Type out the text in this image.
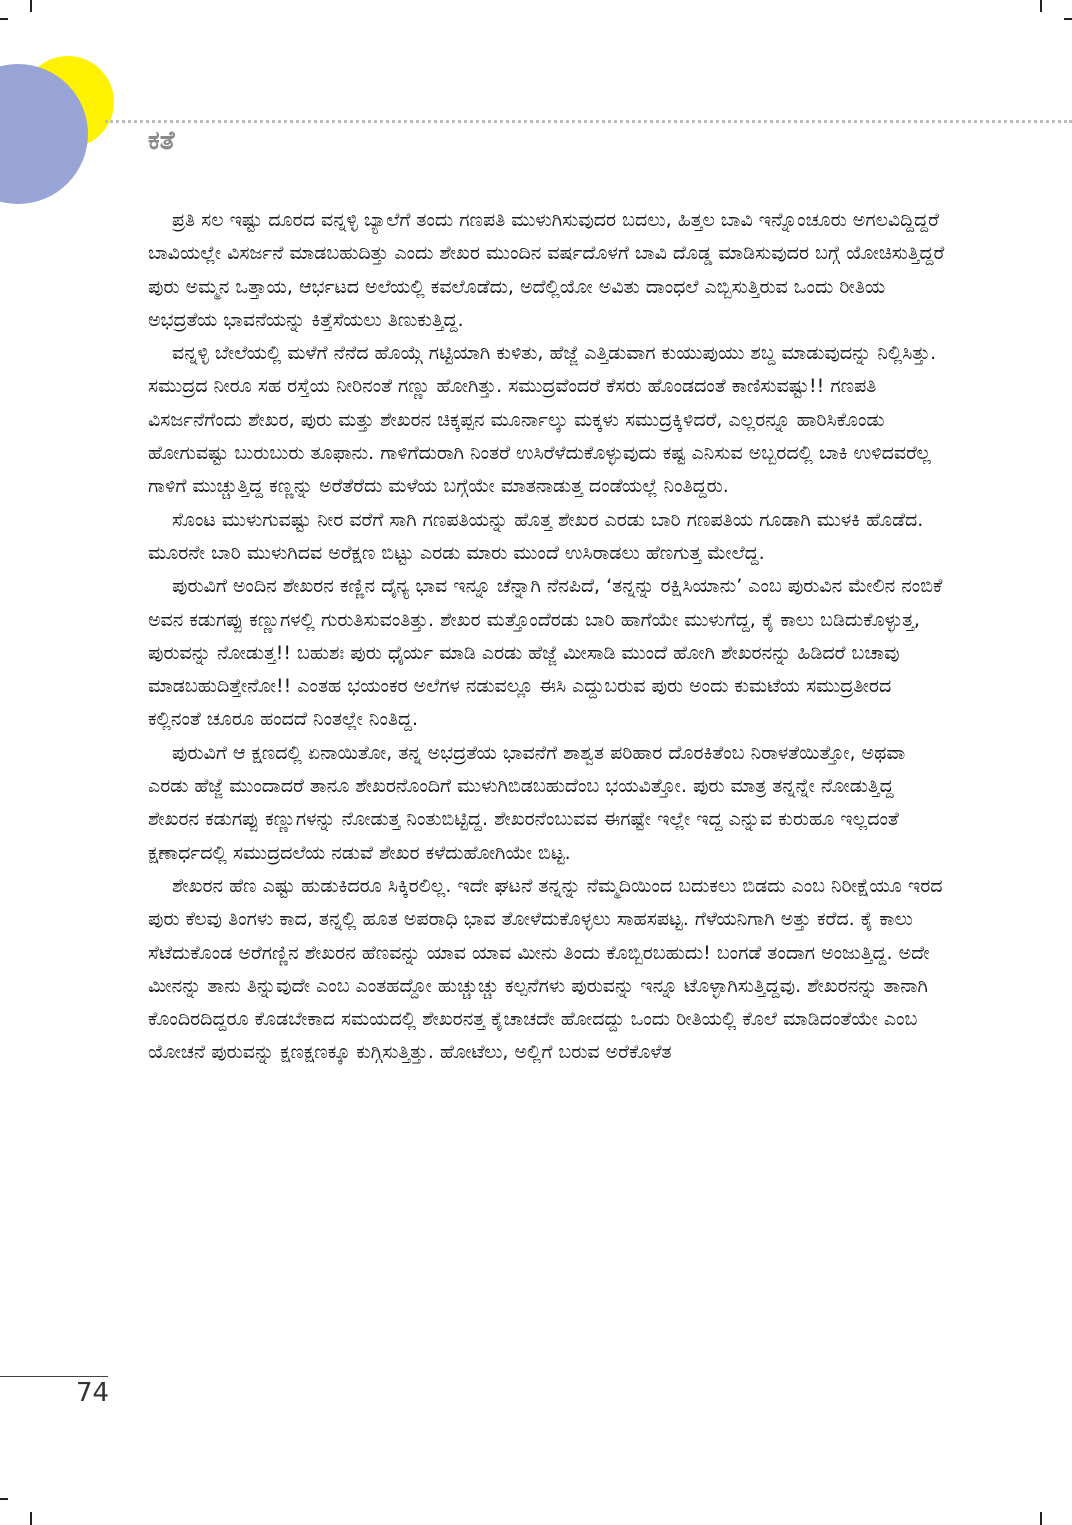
ಕತೆ

ಪ್ರತಿ ಸಲ ಇಷ್ಟು ದೂರದ ವನ್ನಳ್ಳಿ ಬ್ಯಾಲೆಗೆ ತಂದು ಗಣಪತಿ ಮುಳುಗಿಸುವುದರ ಬದಲು, ಹಿತ್ತಲ ಬಾವಿ ಇನ್ನೊಂಚೂರು ಅಗಲವಿದ್ದಿದ್ದರೆ ಬಾವಿಯಲ್ಲೇ ವಿಸರ್ಜನೆ ಮಾಡಬಹುದಿತ್ತು ಎಂದು ಶೇಖರ ಮುಂದಿನ ವರ್ಷದೊಳಗೆ ಬಾವಿ ದೊಡ್ಡ ಮಾಡಿಸುವುದರ ಬಗ್ಗೆ ಯೋಚಿಸುತ್ತಿದ್ದರೆ ಪುರು ಅಮ್ಮನ ಒತ್ತಾಯ, ಆರ್ಭಟದ ಅಲೆಯಲ್ಲಿ ಕವಲೊಡೆದು, ಅದೆಲ್ಲಿಯೋ ಅವಿತು ದಾಂಧಲೆ ಎಬ್ಬಿಸುತ್ತಿರುವ ಒಂದು ರೀತಿಯ ಅಭದ್ರತೆಯ ಭಾವನೆಯನ್ನು ಕಿತ್ತೆಸೆಯಲು ತಿಣುಕುತ್ತಿದ್ದ.

ವನ್ನಳ್ಳಿ ಬೇಲೆಯಲ್ಲಿ ಮಳೆಗೆ ನೆನೆದ ಹೊಯ್ಗೆ ಗಟ್ಟಿಯಾಗಿ ಕುಳಿತು, ಹೆಜ್ಜೆ ಎತ್ತಿಡುವಾಗ ಕುಯುಪುಯು ಶಬ್ದ ಮಾಡುವುದನ್ನು ನಿಲ್ಲಿಸಿತ್ತು. ಸಮುದ್ರದ ನೀರೂ ಸಹ ರಸ್ತೆಯ ನೀರಿನಂತೆ ಗಣ್ಣು ಹೋಗಿತ್ತು. ಸಮುದ್ರವೆಂದರೆ ಕೆಸರು ಹೊಂಡದಂತೆ ಕಾಣಿಸುವಷ್ಟು!! ಗಣಪತಿ ವಿಸರ್ಜನೆಗೆಂದು ಶೇಖರ, ಪುರು ಮತ್ತು ಶೇಖರನ ಚಿಕ್ಕಪ್ಪನ ಮೂರ್ನಾಲ್ಕು ಮಕ್ಕಳು ಸಮುದ್ರಕ್ಕಿಳಿದರೆ, ಎಲ್ಲರನ್ನೂ ಹಾರಿಸಿಕೊಂಡು ಹೋಗುವಷ್ಟು ಬುರುಬುರು ತೂಫಾನು. ಗಾಳಿಗೆದುರಾಗಿ ನಿಂತರೆ ಉಸಿರೆಳೆದುಕೊಳ್ಳುವುದು ಕಷ್ಟ ಎನಿಸುವ ಅಬ್ಬರದಲ್ಲಿ ಬಾಕಿ ಉಳಿದವರೆಲ್ಲ ಗಾಳಿಗೆ ಮುಚ್ಚುತ್ತಿದ್ದ ಕಣ್ಣನ್ನು ಅರೆತೆರೆದು ಮಳೆಯ ಬಗ್ಗೆಯೇ ಮಾತನಾಡುತ್ತ ದಂಡೆಯಲ್ಲೆ ನಿಂತಿದ್ದರು.

ಸೊಂಟ ಮುಳುಗುವಷ್ಟು ನೀರ ವರೆಗೆ ಸಾಗಿ ಗಣಪತಿಯನ್ನು ಹೊತ್ತ ಶೇಖರ ಎರಡು ಬಾರಿ ಗಣಪತಿಯ ಗೂಡಾಗಿ ಮುಳಕಿ ಹೊಡೆದ. ಮೂರನೇ ಬಾರಿ ಮುಳುಗಿದವ ಅರೆಕ್ಷಣ ಬಿಟ್ಟು ಎರಡು ಮಾರು ಮುಂದೆ ಉಸಿರಾಡಲು ಹೆಣಗುತ್ತ ಮೇಲೆದ್ದ.

ಪುರುವಿಗೆ ಅಂದಿನ ಶೇಖರನ ಕಣ್ಣಿನ ದೈನ್ಯ ಭಾವ ಇನ್ನೂ ಚೆನ್ನಾಗಿ ನೆನಪಿದೆ, ‘ತನ್ನನ್ನು ರಕ್ಷಿಸಿಯಾನು’ ಎಂಬ ಪುರುವಿನ ಮೇಲಿನ ನಂಬಿಕೆ ಅವನ ಕಡುಗಪ್ಪು ಕಣ್ಣುಗಳಲ್ಲಿ ಗುರುತಿಸುವಂತಿತ್ತು. ಶೇಖರ ಮತ್ತೊಂದೆರಡು ಬಾರಿ ಹಾಗೆಯೇ ಮುಳುಗೆದ್ದ, ಕೈ ಕಾಲು ಬಡಿದುಕೊಳ್ಳುತ್ತ, ಪುರುವನ್ನು ನೋಡುತ್ತ!! ಬಹುಶಃ ಪುರು ಧೈರ್ಯ ಮಾಡಿ ಎರಡು ಹೆಜ್ಜೆ ಮೀಸಾಡಿ ಮುಂದೆ ಹೋಗಿ ಶೇಖರನನ್ನು ಹಿಡಿದರೆ ಬಚಾವು ಮಾಡಬಹುದಿತ್ತೇನೋ!! ಎಂತಹ ಭಯಂಕರ ಅಲೆಗಳ ನಡುವಲ್ಲೂ ಈಸಿ ಎದ್ದುಬರುವ ಪುರು ಅಂದು ಕುಮಟೆಯ ಸಮುದ್ರತೀರದ ಕಲ್ಲಿನಂತೆ ಚೂರೂ ಹಂದದೆ ನಿಂತಲ್ಲೇ ನಿಂತಿದ್ದ.

ಪುರುವಿಗೆ ಆ ಕ್ಷಣದಲ್ಲಿ ಏನಾಯಿತೋ, ತನ್ನ ಅಭದ್ರತೆಯ ಭಾವನೆಗೆ ಶಾಶ್ವತ ಪರಿಹಾರ ದೊರಕಿತೆಂಬ ನಿರಾಳತೆಯಿತ್ತೋ, ಅಥವಾ ಎರಡು ಹೆಜ್ಜೆ ಮುಂದಾದರೆ ತಾನೂ ಶೇಖರನೊಂದಿಗೆ ಮುಳುಗಿಬಿಡಬಹುದೆಂಬ ಭಯವಿತ್ತೋ. ಪುರು ಮಾತ್ರ ತನ್ನನ್ನೇ ನೋಡುತ್ತಿದ್ದ ಶೇಖರನ ಕಡುಗಪ್ಪು ಕಣ್ಣುಗಳನ್ನು ನೋಡುತ್ತ ನಿಂತುಬಿಟ್ಟಿದ್ದ. ಶೇಖರನೆಂಬುವವ ಈಗಷ್ಟೇ ಇಲ್ಲೇ ಇದ್ದ ಎನ್ನುವ ಕುರುಹೂ ಇಲ್ಲದಂತೆ ಕ್ಷಣಾರ್ಧದಲ್ಲಿ ಸಮುದ್ರದಲೆಯ ನಡುವೆ ಶೇಖರ ಕಳೆದುಹೋಗಿಯೇ ಬಿಟ್ಟ.

ಶೇಖರನ ಹೆಣ ಎಷ್ಟು ಹುಡುಕಿದರೂ ಸಿಕ್ಕಿರಲಿಲ್ಲ. ಇದೇ ಘಟನೆ ತನ್ನನ್ನು ನೆಮ್ಮದಿಯಿಂದ ಬದುಕಲು ಬಿಡದು ಎಂಬ ನಿರೀಕ್ಷೆಯೂ ಇರದ ಪುರು ಕೆಲವು ತಿಂಗಳು ಕಾದ, ತನ್ನಲ್ಲಿ ಹೂತ ಅಪರಾಧಿ ಭಾವ ತೋಳೆದುಕೊಳ್ಳಲು ಸಾಹಸಪಟ್ಟ. ಗೆಳೆಯನಿಗಾಗಿ ಅತ್ತು ಕರೆದ. ಕೈ ಕಾಲು ಸೆಟೆದುಕೊಂಡ ಅರೆಗಣ್ಣಿನ ಶೇಖರನ ಹೆಣವನ್ನು ಯಾವ ಯಾವ ಮೀನು ತಿಂದು ಕೊಬ್ಬಿರಬಹುದು! ಬಂಗಡೆ ತಂದಾಗ ಅಂಜುತ್ತಿದ್ದ. ಅದೇ ಮೀನನ್ನು ತಾನು ತಿನ್ನುವುದೇ ಎಂಬ ಎಂತಹದ್ದೋ ಹುಚ್ಚುಚ್ಚು ಕಲ್ಪನೆಗಳು ಪುರುವನ್ನು ಇನ್ನೂ ಟೊಳ್ಳಾಗಿಸುತ್ತಿದ್ದವು. ಶೇಖರನನ್ನು ತಾನಾಗಿ ಕೊಂದಿರದಿದ್ದರೂ ಕೊಡಬೇಕಾದ ಸಮಯದಲ್ಲಿ ಶೇಖರನತ್ತ ಕೈಚಾಚದೇ ಹೋದದ್ದು ಒಂದು ರೀತಿಯಲ್ಲಿ ಕೊಲೆ ಮಾಡಿದಂತೆಯೇ ಎಂಬ ಯೋಚನೆ ಪುರುವನ್ನು ಕ್ಷಣಕ್ಷಣಕ್ಕೂ ಕುಗ್ಗಿಸುತ್ತಿತ್ತು. ಹೋಟೆಲು, ಅಲ್ಲಿಗೆ ಬರುವ ಅರೆಕೊಳೆತ

74
